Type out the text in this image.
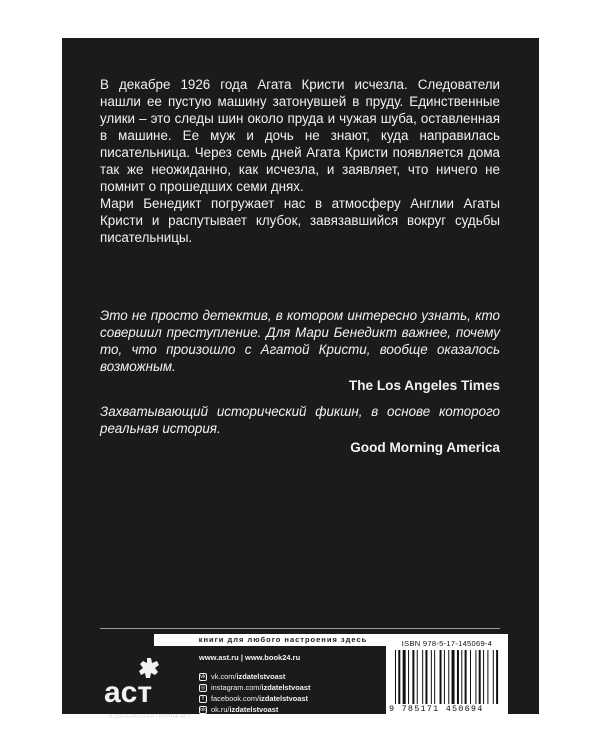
В декабре 1926 года Агата Кристи исчезла. Следователи нашли ее пустую машину затонувшей в пруду. Единственные улики – это следы шин около пруда и чужая шуба, оставленная в машине. Ее муж и дочь не знают, куда направилась писательница. Через семь дней Агата Кристи появляется дома так же неожиданно, как исчезла, и заявляет, что ничего не помнит о прошедших семи днях.

Мари Бенедикт погружает нас в атмосферу Англии Агаты Кристи и распутывает клубок, завязавшийся вокруг судьбы писательницы.

Это не просто детектив, в котором интересно узнать, кто совершил преступление. Для Мари Бенедикт важнее, почему то, что произошло с Агатой Кристи, вообще оказалось возможным.

The Los Angeles Times

Захватывающий исторический фикшн, в основе которого реальная история.

Good Morning America

книги для любого настроения здесь
аст
ИЗДАТЕЛЬСКАЯ ГРУППА АСТ
www.ast.ru | www.book24.ru
vk vk.com/ izdatelstvoast
◎ instagram.com/ izdatelstvoast
f facebook.com/ izdatelstvoast
ok ok.ru/ izdatelstvoast
ISBN 978-5-17-145069-4
9 785171 450694
